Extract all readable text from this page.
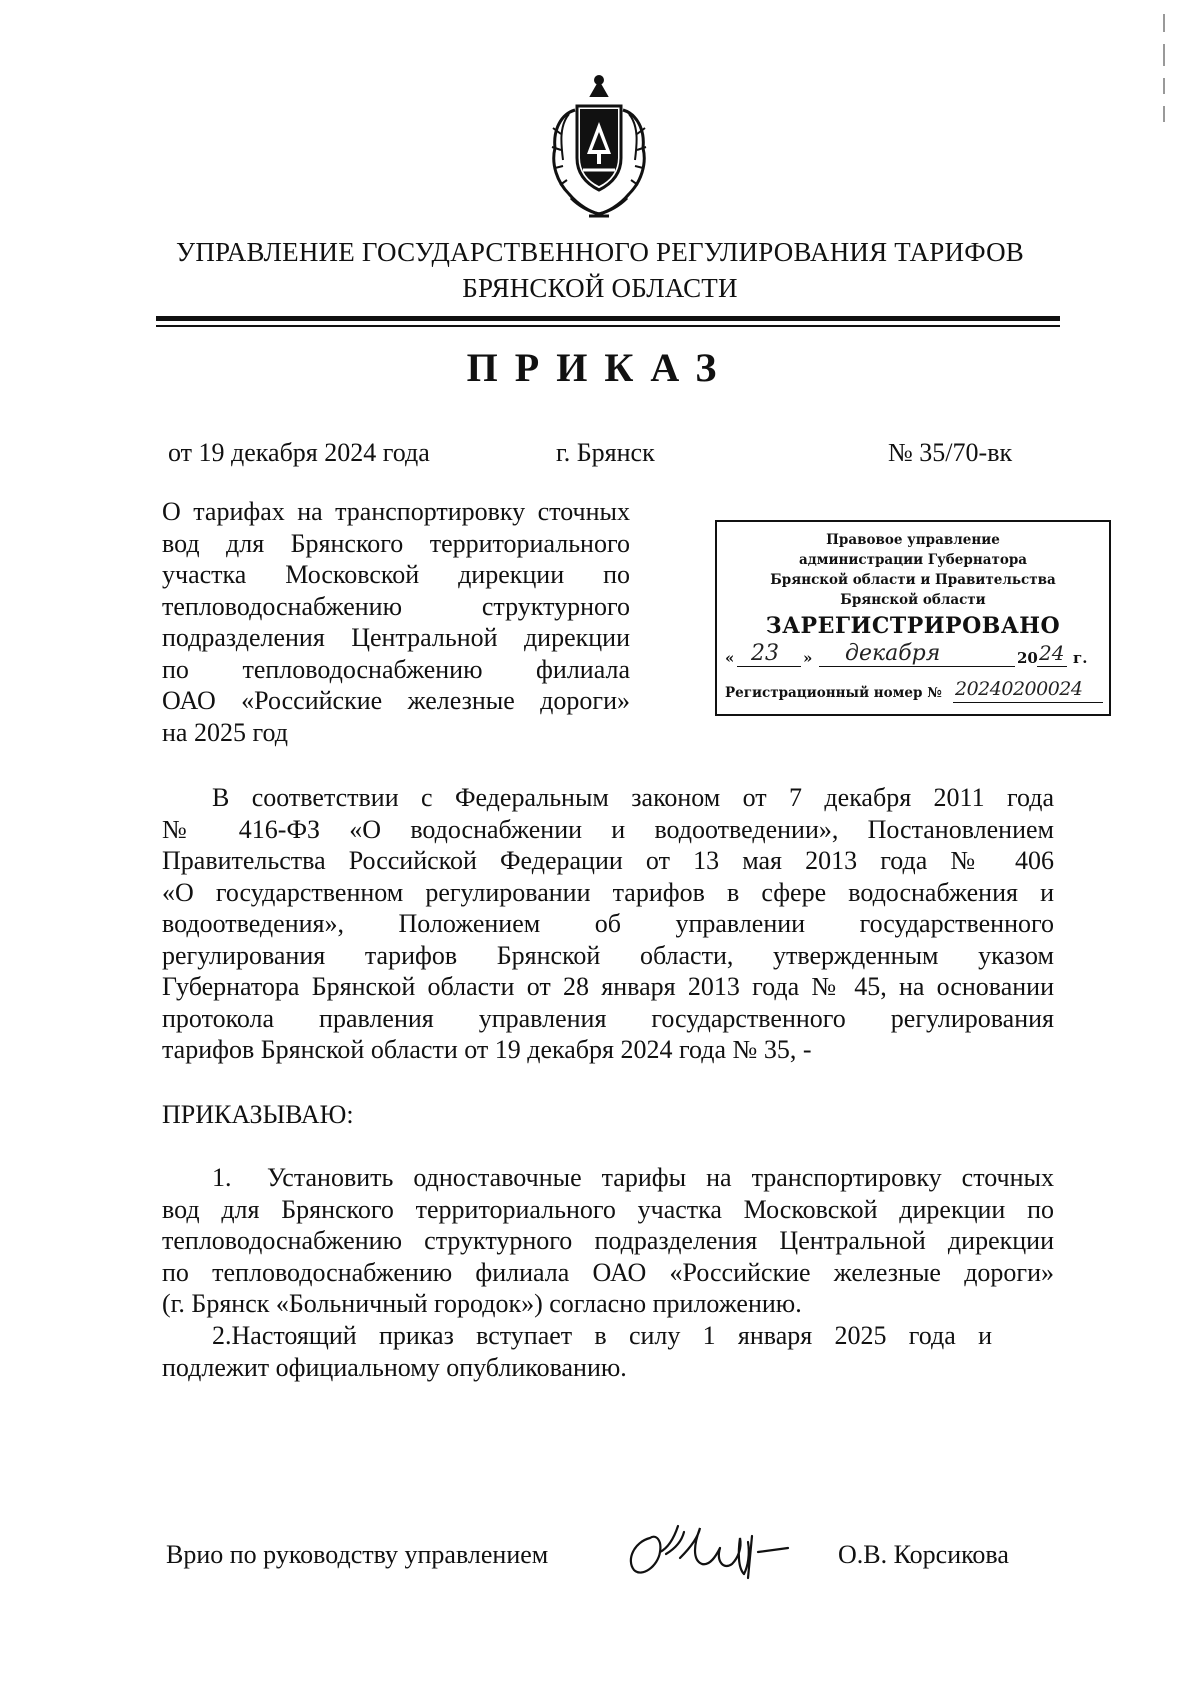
УПРАВЛЕНИЕ ГОСУДАРСТВЕННОГО РЕГУЛИРОВАНИЯ ТАРИФОВ
БРЯНСКОЙ ОБЛАСТИ
ПРИКАЗ
от 19 декабря 2024 года	г. Брянск	№ 35/70-вк
О тарифах на транспортировку сточных
вод для Брянского территориального
участка Московской дирекции по
тепловодоснабжению структурного
подразделения Центральной дирекции
по тепловодоснабжению филиала
ОАО «Российские железные дороги»
на 2025 год
Правовое управление
администрации Губернатора
Брянской области и Правительства
Брянской области
ЗАРЕГИСТРИРОВАНО
« 23 » декабря	20 24 г.
Регистрационный номер № 20240200024
В соответствии с Федеральным законом от 7 декабря 2011 года
№ 416-ФЗ «О водоснабжении и водоотведении», Постановлением
Правительства Российской Федерации от 13 мая 2013 года № 406
«О государственном регулировании тарифов в сфере водоснабжения и
водоотведения», Положением об управлении государственного
регулирования тарифов Брянской области, утвержденным указом
Губернатора Брянской области от 28 января 2013 года № 45, на основании
протокола правления управления государственного регулирования
тарифов Брянской области от 19 декабря 2024 года № 35, -
ПРИКАЗЫВАЮ:
1. Установить одноставочные тарифы на транспортировку сточных
вод для Брянского территориального участка Московской дирекции по
тепловодоснабжению структурного подразделения Центральной дирекции
по тепловодоснабжению филиала ОАО «Российские железные дороги»
(г. Брянск «Больничный городок») согласно приложению.
2.Настоящий приказ вступает в силу 1 января 2025 года и
подлежит официальному опубликованию.
Врио по руководству управлением	О.В. Корсикова
